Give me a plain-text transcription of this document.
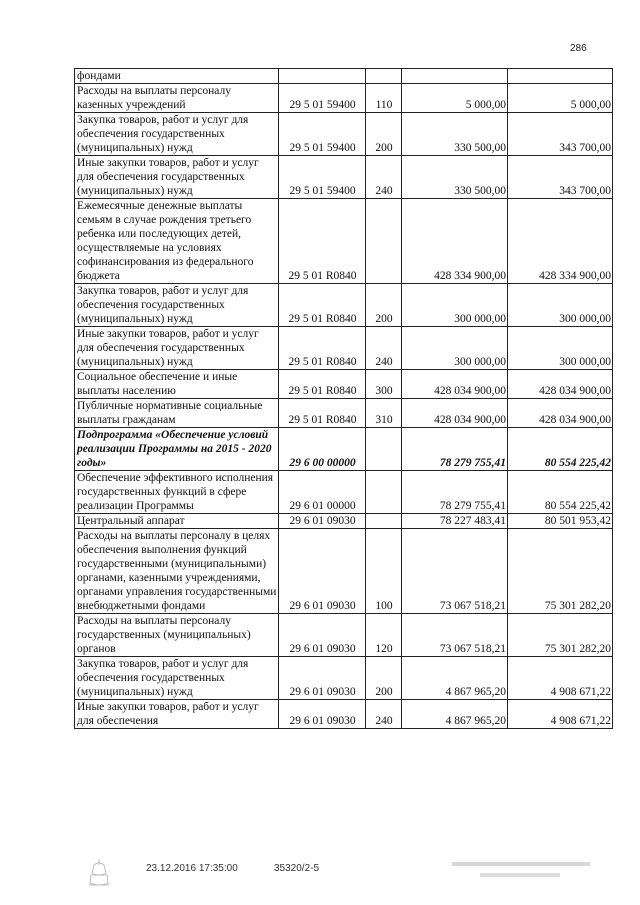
286
фондами				
Расходы на выплаты персоналу казенных учреждений	29 5 01 59400	110	5 000,00	5 000,00
Закупка товаров, работ и услуг для обеспечения государственных (муниципальных) нужд	29 5 01 59400	200	330 500,00	343 700,00
Иные закупки товаров, работ и услуг для обеспечения государственных (муниципальных) нужд	29 5 01 59400	240	330 500,00	343 700,00
Ежемесячные денежные выплаты семьям в случае рождения третьего ребенка или последующих детей, осуществляемые на условиях софинансирования из федерального бюджета	29 5 01 R0840		428 334 900,00	428 334 900,00
Закупка товаров, работ и услуг для обеспечения государственных (муниципальных) нужд	29 5 01 R0840	200	300 000,00	300 000,00
Иные закупки товаров, работ и услуг для обеспечения государственных (муниципальных) нужд	29 5 01 R0840	240	300 000,00	300 000,00
Социальное обеспечение и иные выплаты населению	29 5 01 R0840	300	428 034 900,00	428 034 900,00
Публичные нормативные социальные выплаты гражданам	29 5 01 R0840	310	428 034 900,00	428 034 900,00
Подпрограмма «Обеспечение условий реализации Программы на 2015 - 2020 годы»	29 6 00 00000		78 279 755,41	80 554 225,42
Обеспечение эффективного исполнения государственных функций в сфере реализации Программы	29 6 01 00000		78 279 755,41	80 554 225,42
Центральный аппарат	29 6 01 09030		78 227 483,41	80 501 953,42
Расходы на выплаты персоналу в целях обеспечения выполнения функций государственными (муниципальными) органами, казенными учреждениями, органами управления государственными внебюджетными фондами	29 6 01 09030	100	73 067 518,21	75 301 282,20
Расходы на выплаты персоналу государственных (муниципальных) органов	29 6 01 09030	120	73 067 518,21	75 301 282,20
Закупка товаров, работ и услуг для обеспечения государственных (муниципальных) нужд	29 6 01 09030	200	4 867 965,20	4 908 671,22
Иные закупки товаров, работ и услуг для обеспечения	29 6 01 09030	240	4 867 965,20	4 908 671,22
23.12.2016 17:35:00	35320/2-5
